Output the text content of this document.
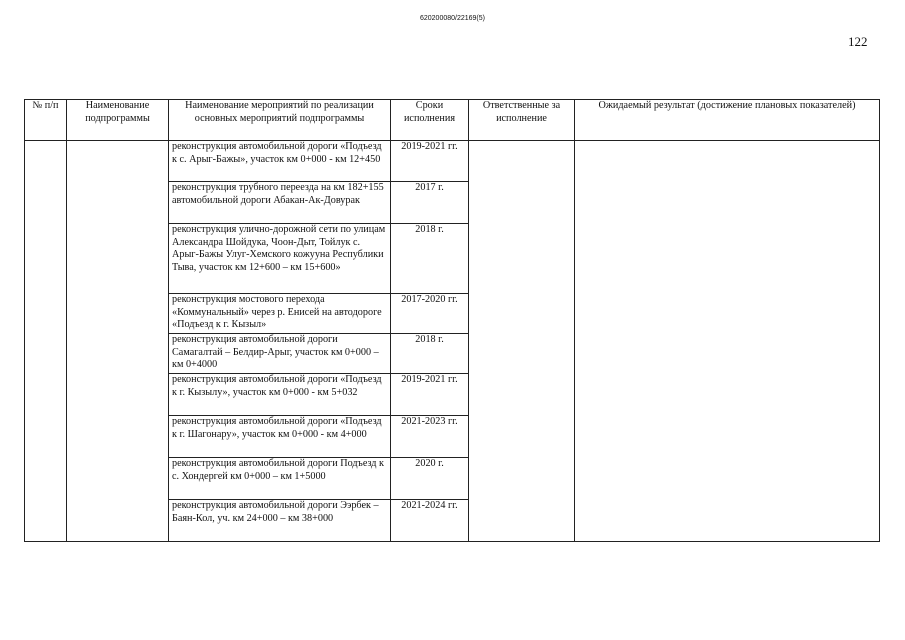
620200080/22169(5)
122
№ п/п	Наименование подпрограммы	Наименование мероприятий по реализации основных мероприятий подпрограммы	Сроки исполнения	Ответственные за исполнение	Ожидаемый результат (достижение плановых показателей)
		реконструкция автомобильной дороги «Подъезд к с. Арыг-Бажы», участок км 0+000 - км 12+450	2019-2021 гг.		
		реконструкция трубного переезда на км 182+155 автомобильной дороги Абакан-Ак-Довурак	2017 г.		
		реконструкция улично-дорожной сети по улицам Александра Шойдука, Чоон-Дыт, Тойлук с. Арыг-Бажы Улуг-Хемского кожууна Республики Тыва, участок км 12+600 – км 15+600»	2018 г.		
		реконструкция мостового перехода «Коммунальный» через р. Енисей на автодороге «Подъезд к г. Кызыл»	2017-2020 гг.		
		реконструкция автомобильной дороги Самагалтай – Белдир-Арыг, участок км 0+000 – км 0+4000	2018 г.		
		реконструкция автомобильной дороги «Подъезд к г. Кызылу», участок км 0+000 - км 5+032	2019-2021 гг.		
		реконструкция автомобильной дороги «Подъезд к г. Шагонару», участок км 0+000 - км 4+000	2021-2023 гг.		
		реконструкция автомобильной дороги Подъезд к с. Хондергей км 0+000 – км 1+5000	2020 г.		
		реконструкция автомобильной дороги Ээрбек – Баян-Кол, уч. км 24+000 – км 38+000	2021-2024 гг.		
